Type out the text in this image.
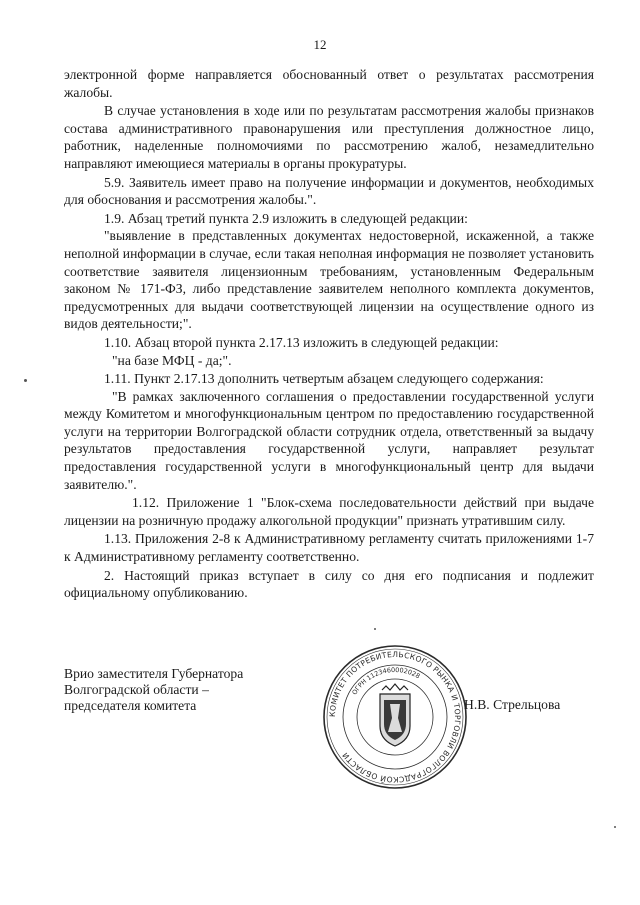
12

электронной форме направляется обоснованный ответ о результатах рассмотрения жалобы.

В случае установления в ходе или по результатам рассмотрения жалобы признаков состава административного правонарушения или преступления должностное лицо, работник, наделенные полномочиями по рассмотрению жалоб, незамедлительно направляют имеющиеся материалы в органы прокуратуры.

5.9. Заявитель имеет право на получение информации и документов, необходимых для обоснования и рассмотрения жалобы.".

1.9. Абзац третий пункта 2.9 изложить в следующей редакции:

"выявление в представленных документах недостоверной, искаженной, а также неполной информации в случае, если такая неполная информация не позволяет установить соответствие заявителя лицензионным требованиям, установленным Федеральным законом № 171-ФЗ, либо представление заявителем неполного комплекта документов, предусмотренных для выдачи соответствующей лицензии на осуществление одного из видов деятельности;".

1.10. Абзац второй пункта 2.17.13 изложить в следующей редакции:

"на базе МФЦ - да;".

1.11. Пункт 2.17.13 дополнить четвертым абзацем следующего содержания:

"В рамках заключенного соглашения о предоставлении государственной услуги между Комитетом и многофункциональным центром по предоставлению государственной услуги на территории Волгоградской области сотрудник отдела, ответственный за выдачу результатов предоставления государственной услуги, направляет результат предоставления государственной услуги в многофункциональный центр для выдачи заявителю.".

1.12. Приложение 1 "Блок-схема последовательности действий при выдаче лицензии на розничную продажу алкогольной продукции" признать утратившим силу.

1.13. Приложения 2-8 к Административному регламенту считать приложениями 1-7 к Административному регламенту соответственно.

2. Настоящий приказ вступает в силу со дня его подписания и подлежит официальному опубликованию.

Врио заместителя Губернатора
Волгоградской области –
председателя комитета
КОМИТЕТ ПОТРЕБИТЕЛЬСКОГО РЫНКА И ТОРГОВЛИ ВОЛГОГРАДСКОЙ ОБЛАСТИ
ОГРН 1123460002028
Н.В. Стрельцова
